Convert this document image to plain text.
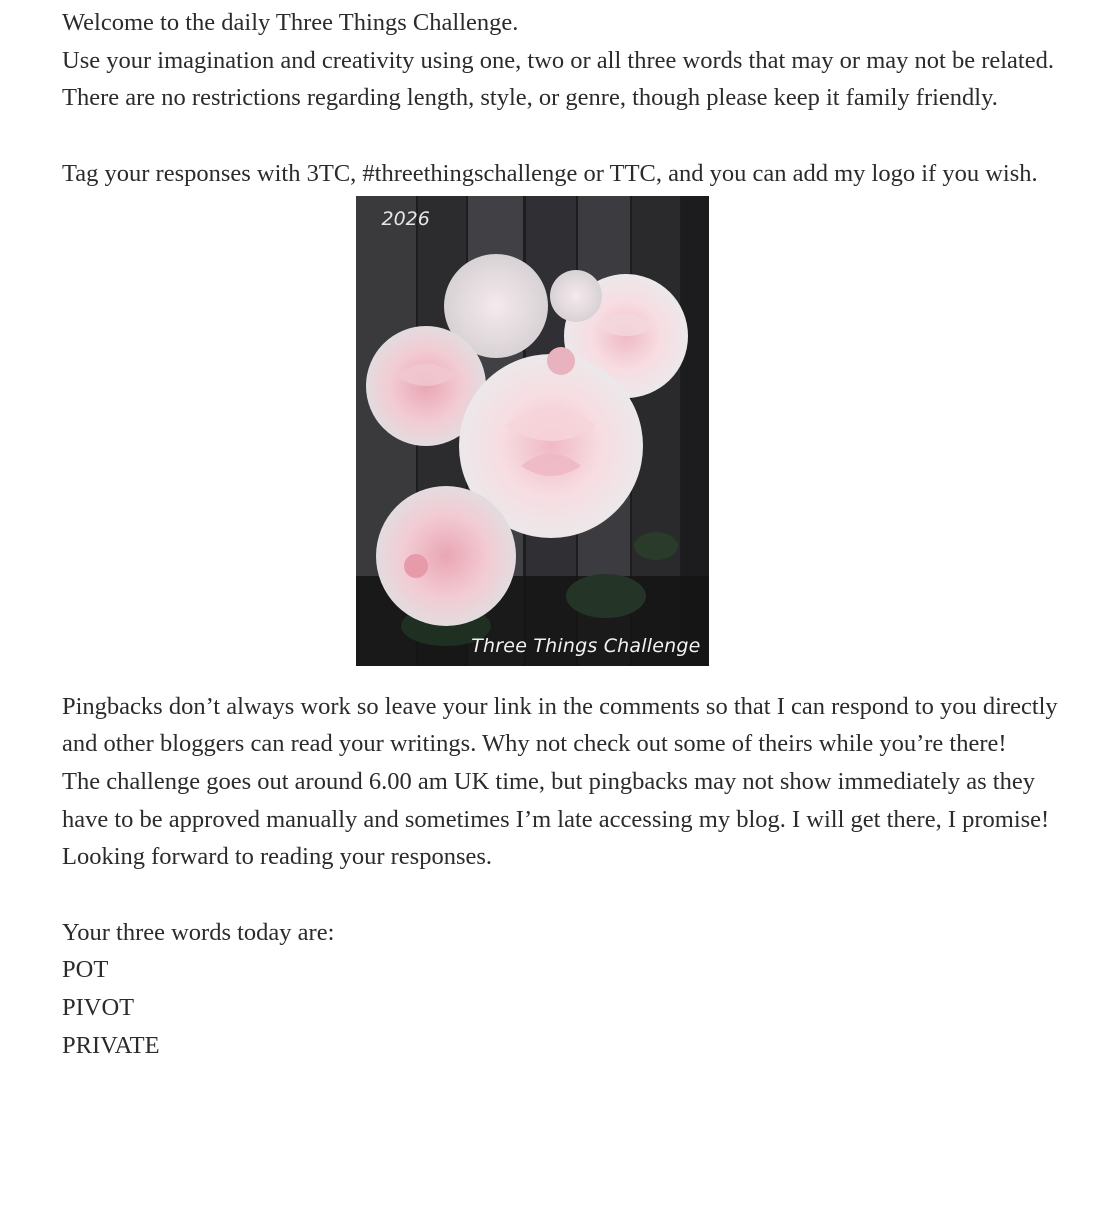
Welcome to the daily Three Things Challenge.

Use your imagination and creativity using one, two or all three words that may or may not be related. There are no restrictions regarding length, style, or genre, though please keep it family friendly.

Tag your responses with 3TC, #threethingschallenge or TTC, and you can add my logo if you wish.

2026
Three Things Challenge

Pingbacks don’t always work so leave your link in the comments so that I can respond to you directly and other bloggers can read your writings. Why not check out some of theirs while you’re there!

The challenge goes out around 6.00 am UK time, but pingbacks may not show immediately as they have to be approved manually and sometimes I’m late accessing my blog. I will get there, I promise!

Looking forward to reading your responses.

Your three words today are:

POT

PIVOT

PRIVATE
